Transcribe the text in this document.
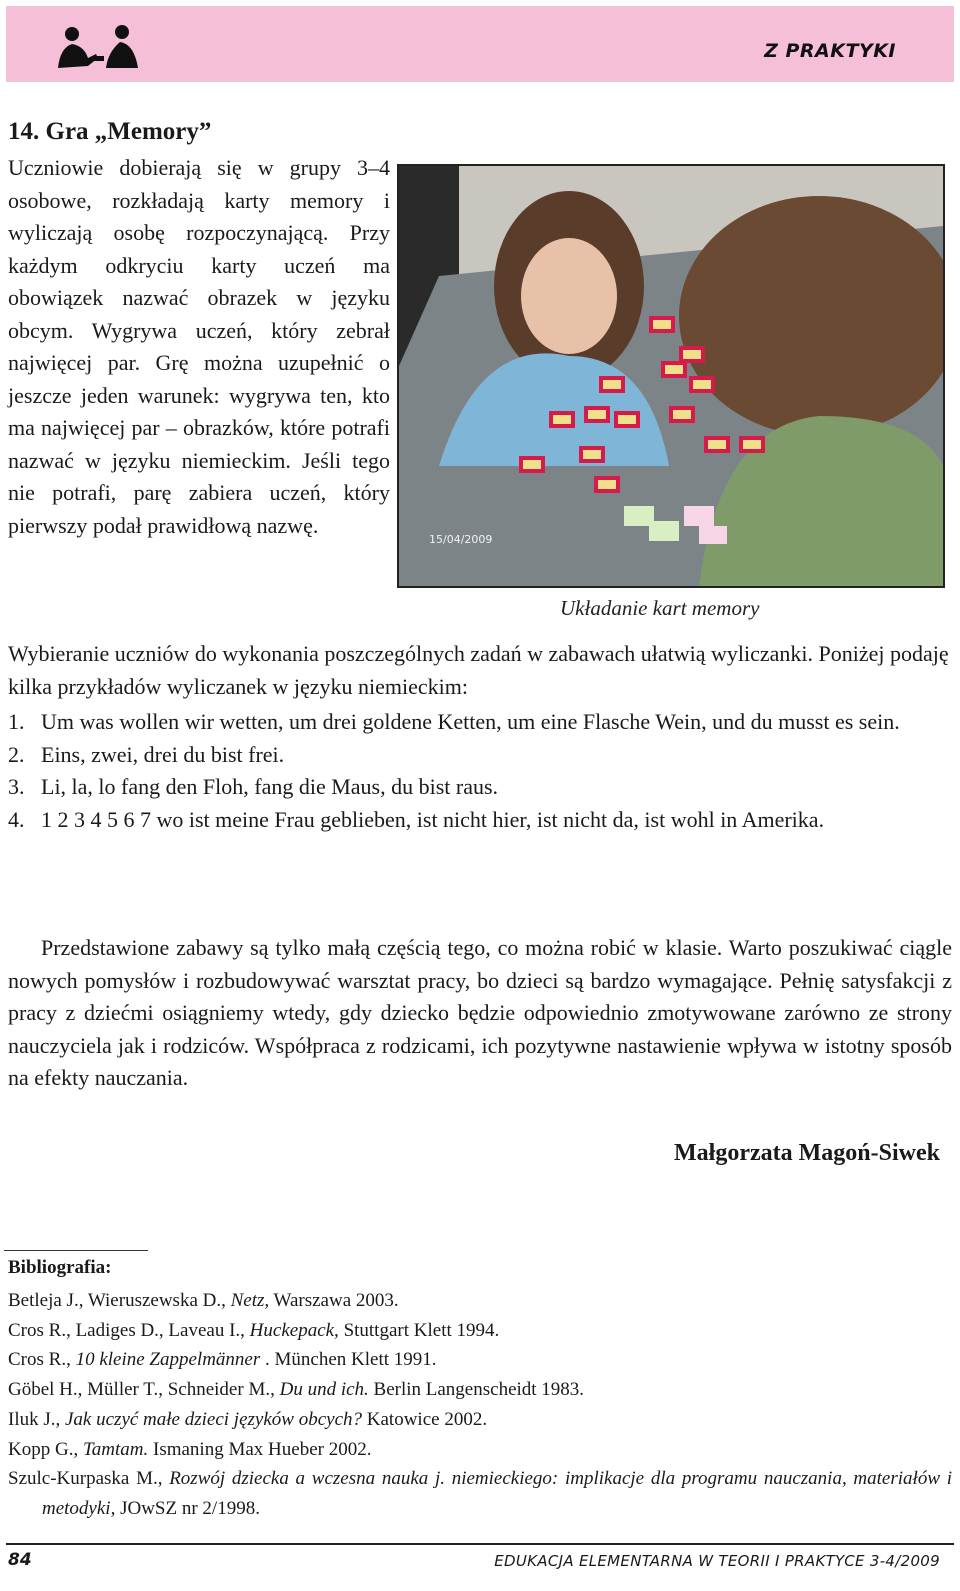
Z PRAKTYKI
14. Gra „Memory”

Uczniowie dobierają się w grupy 3–4 osobowe, rozkładają karty memory i wyliczają osobę rozpoczynającą. Przy każdym odkryciu karty uczeń ma obowiązek nazwać obrazek w języku obcym. Wygrywa uczeń, który zebrał najwięcej par. Grę można uzupełnić o jeszcze jeden warunek: wygrywa ten, kto ma najwięcej par – obrazków, które potrafi nazwać w języku niemieckim. Jeśli tego nie potrafi, parę zabiera uczeń, który pierwszy podał prawidłową nazwę.

15/04/2009
Układanie kart memory

Wybieranie uczniów do wykonania poszczególnych zadań w zabawach ułatwią wyliczanki. Poniżej podaję kilka przykładów wyliczanek w języku niemieckim:

1. Um was wollen wir wetten, um drei goldene Ketten, um eine Flasche Wein, und du musst es sein.
2. Eins, zwei, drei du bist frei.
3. Li, la, lo fang den Floh, fang die Maus, du bist raus.
4. 1 2 3 4 5 6 7 wo ist meine Frau geblieben, ist nicht hier, ist nicht da, ist wohl in Amerika.

Przedstawione zabawy są tylko małą częścią tego, co można robić w klasie. Warto poszukiwać ciągle nowych pomysłów i rozbudowywać warsztat pracy, bo dzieci są bardzo wymagające. Pełnię satysfakcji z pracy z dziećmi osiągniemy wtedy, gdy dziecko będzie odpowiednio zmotywowane zarówno ze strony nauczyciela jak i rodziców. Współpraca z rodzicami, ich pozytywne nastawienie wpływa w istotny sposób na efekty nauczania.

Małgorzata Magoń-Siwek
Bibliografia:
Betleja J., Wieruszewska D., Netz, Warszawa 2003.
Cros R., Ladiges D., Laveau I., Huckepack, Stuttgart Klett 1994.
Cros R., 10 kleine Zappelmänner . München Klett 1991.
Göbel H., Müller T., Schneider M., Du und ich. Berlin Langenscheidt 1983.
Iluk J., Jak uczyć małe dzieci języków obcych? Katowice 2002.
Kopp G., Tamtam. Ismaning Max Hueber 2002.
Szulc-Kurpaska M., Rozwój dziecka a wczesna nauka j. niemieckiego: implikacje dla programu nauczania, materiałów i metodyki, JOwSZ nr 2/1998.
84	EDUKACJA ELEMENTARNA W TEORII I PRAKTYCE 3-4/2009
